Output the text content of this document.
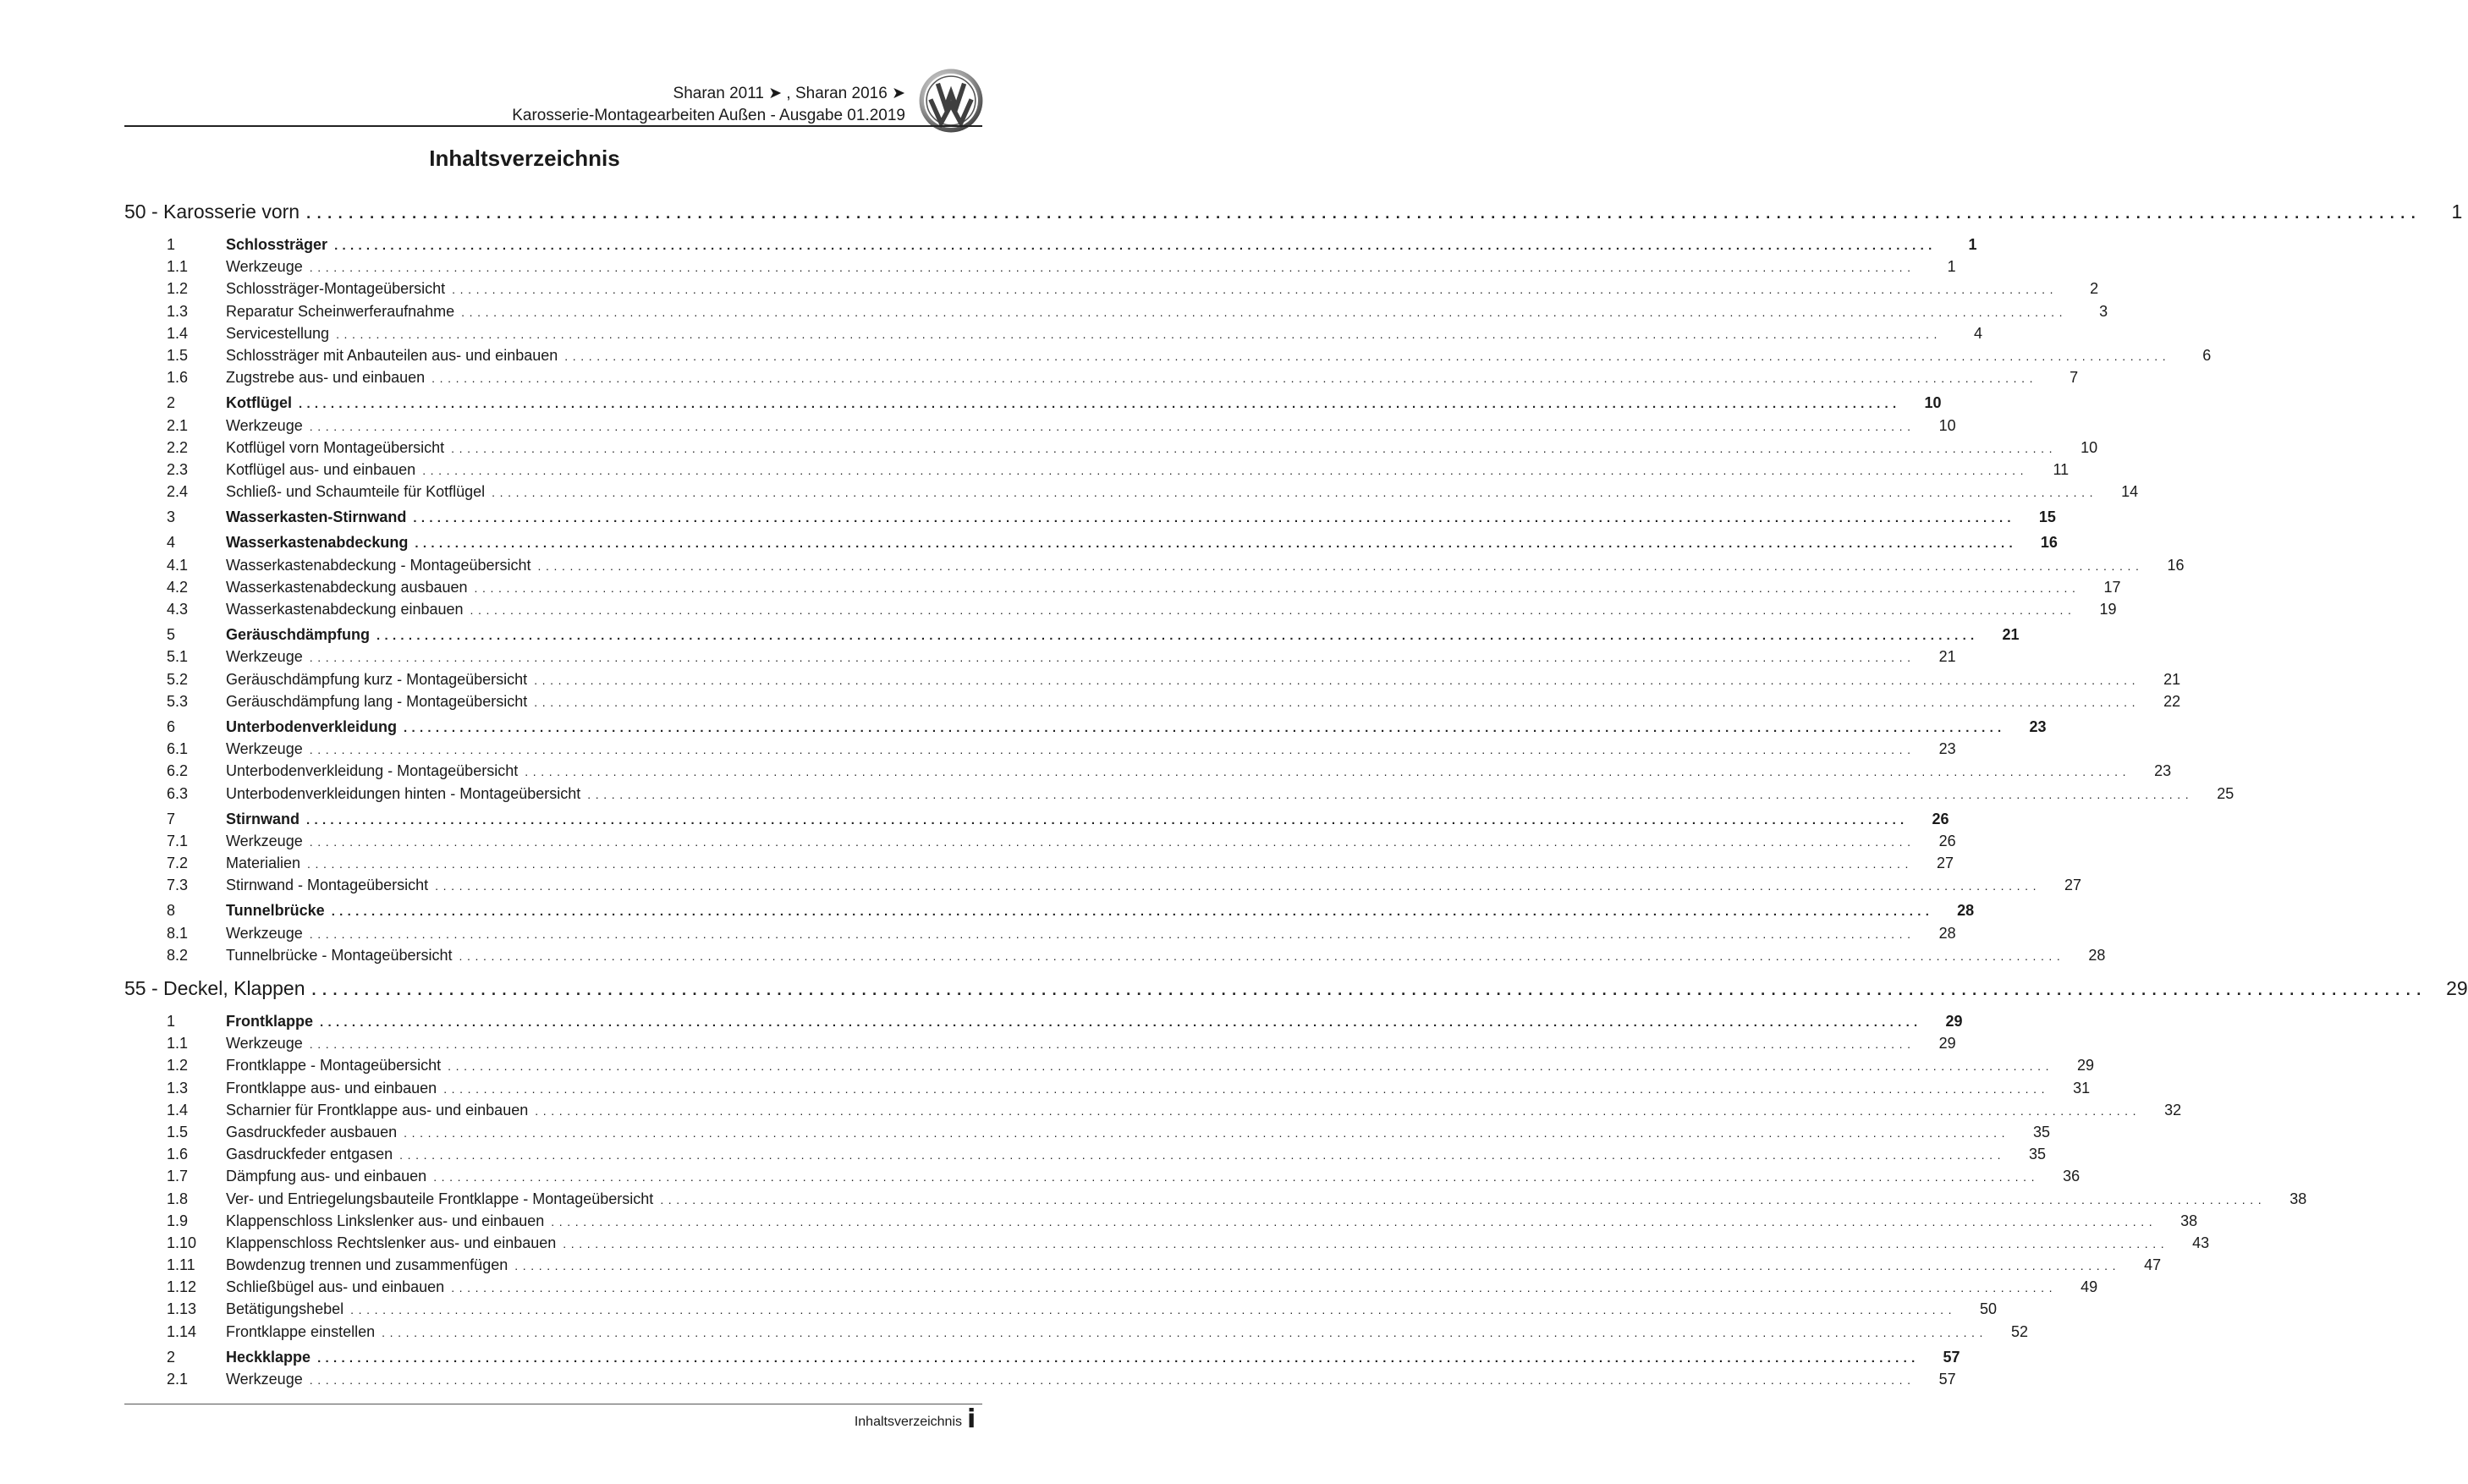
Sharan 2011 ➤ , Sharan 2016 ➤
Karosserie-Montagearbeiten Außen - Ausgabe 01.2019
Inhaltsverzeichnis
50 - Karosserie vorn ........................................................................................................................................................................................................	1
1	Schlossträger ........................................................................................................................................................................................................	1
1.1	Werkzeuge ........................................................................................................................................................................................................	1
1.2	Schlossträger-Montageübersicht ........................................................................................................................................................................................................	2
1.3	Reparatur Scheinwerferaufnahme ........................................................................................................................................................................................................	3
1.4	Servicestellung ........................................................................................................................................................................................................	4
1.5	Schlossträger mit Anbauteilen aus- und einbauen ........................................................................................................................................................................................................	6
1.6	Zugstrebe aus- und einbauen ........................................................................................................................................................................................................	7
2	Kotflügel ........................................................................................................................................................................................................	10
2.1	Werkzeuge ........................................................................................................................................................................................................	10
2.2	Kotflügel vorn Montageübersicht ........................................................................................................................................................................................................	10
2.3	Kotflügel aus- und einbauen ........................................................................................................................................................................................................	11
2.4	Schließ- und Schaumteile für Kotflügel ........................................................................................................................................................................................................	14
3	Wasserkasten-Stirnwand ........................................................................................................................................................................................................	15
4	Wasserkastenabdeckung ........................................................................................................................................................................................................	16
4.1	Wasserkastenabdeckung - Montageübersicht ........................................................................................................................................................................................................	16
4.2	Wasserkastenabdeckung ausbauen ........................................................................................................................................................................................................	17
4.3	Wasserkastenabdeckung einbauen ........................................................................................................................................................................................................	19
5	Geräuschdämpfung ........................................................................................................................................................................................................	21
5.1	Werkzeuge ........................................................................................................................................................................................................	21
5.2	Geräuschdämpfung kurz - Montageübersicht ........................................................................................................................................................................................................	21
5.3	Geräuschdämpfung lang - Montageübersicht ........................................................................................................................................................................................................	22
6	Unterbodenverkleidung ........................................................................................................................................................................................................	23
6.1	Werkzeuge ........................................................................................................................................................................................................	23
6.2	Unterbodenverkleidung - Montageübersicht ........................................................................................................................................................................................................	23
6.3	Unterbodenverkleidungen hinten - Montageübersicht ........................................................................................................................................................................................................	25
7	Stirnwand ........................................................................................................................................................................................................	26
7.1	Werkzeuge ........................................................................................................................................................................................................	26
7.2	Materialien ........................................................................................................................................................................................................	27
7.3	Stirnwand - Montageübersicht ........................................................................................................................................................................................................	27
8	Tunnelbrücke ........................................................................................................................................................................................................	28
8.1	Werkzeuge ........................................................................................................................................................................................................	28
8.2	Tunnelbrücke - Montageübersicht ........................................................................................................................................................................................................	28
55 - Deckel, Klappen ........................................................................................................................................................................................................ 29
1	Frontklappe ........................................................................................................................................................................................................	29
1.1	Werkzeuge ........................................................................................................................................................................................................	29
1.2	Frontklappe - Montageübersicht ........................................................................................................................................................................................................	29
1.3	Frontklappe aus- und einbauen ........................................................................................................................................................................................................	31
1.4	Scharnier für Frontklappe aus- und einbauen ........................................................................................................................................................................................................	32
1.5	Gasdruckfeder ausbauen ........................................................................................................................................................................................................	35
1.6	Gasdruckfeder entgasen ........................................................................................................................................................................................................	35
1.7	Dämpfung aus- und einbauen ........................................................................................................................................................................................................	36
1.8	Ver- und Entriegelungsbauteile Frontklappe - Montageübersicht ........................................................................................................................................................................................................	38
1.9	Klappenschloss Linkslenker aus- und einbauen ........................................................................................................................................................................................................	38
1.10	Klappenschloss Rechtslenker aus- und einbauen ........................................................................................................................................................................................................	43
1.11	Bowdenzug trennen und zusammenfügen ........................................................................................................................................................................................................	47
1.12	Schließbügel aus- und einbauen ........................................................................................................................................................................................................	49
1.13	Betätigungshebel ........................................................................................................................................................................................................	50
1.14	Frontklappe einstellen ........................................................................................................................................................................................................	52
2	Heckklappe ........................................................................................................................................................................................................	57
2.1	Werkzeuge ........................................................................................................................................................................................................	57
Inhaltsverzeichnis i
